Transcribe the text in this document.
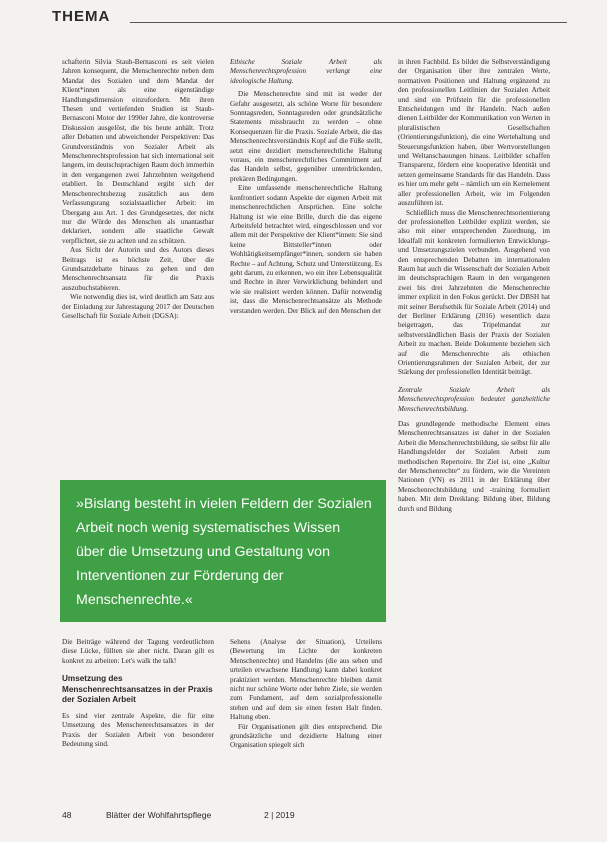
THEMA

schafterin Silvia Staub-Bernasconi es seit vielen Jahren konsequent, die Menschenrechte neben dem Mandat des Sozialen und dem Mandat der Klient*innen als eine eigenständige Handlungsdimension einzufordern. Mit ihren Thesen und vertiefenden Studien ist Staub-Bernasconi Motor der 1990er Jahre, die kontroverse Diskussion ausgelöst, die bis heute anhält. Trotz aller Debatten und abweichender Perspektiven: Das Grundverständnis von Sozialer Arbeit als Menschenrechtsprofession hat sich international seit langem, im deutschsprachigen Raum doch immerhin in den vergangenen zwei Jahrzehnten weitgehend etabliert. In Deutschland ergibt sich der Menschenrechtsbezug zusätzlich aus dem Verfassungsrang sozialstaatlicher Arbeit: im Übergang aus Art. 1 des Grundgesetzes, der nicht nur die Würde des Menschen als unantastbar deklariert, sondern alle staatliche Gewalt verpflichtet, sie zu achten und zu schützen.

Aus Sicht der Autorin und des Autors dieses Beitrags ist es höchste Zeit, über die Grundsatzdebatte hinaus zu gehen und den Menschenrechtsansatz für die Praxis auszubuchstabieren.

Wie notwendig dies ist, wird deutlich am Satz aus der Einladung zur Jahrestagung 2017 der Deutschen Gesellschaft für Soziale Arbeit (DGSA):

Ethische Soziale Arbeit als Menschenrechtsprofession verlangt eine ideologische Haltung.

Die Menschenrechte sind mit ist weder der Gefahr ausgesetzt, als schöne Worte für besondere Sonntagsreden, Sonntagsreden oder grundsätzliche Statements missbraucht zu werden – ohne Konsequenzen für die Praxis. Soziale Arbeit, die das Menschenrechtsverständnis Kopf auf die Füße stellt, setzt eine dezidiert menschenrechtliche Haltung voraus, ein menschenrechtliches Commitment auf das Handeln selbst, gegenüber unterdrückenden, prekären Bedingungen.

Eine umfassende menschenrechtliche Haltung konfrontiert sodann Aspekte der eigenen Arbeit mit menschenrechtlichen Ansprüchen. Eine solche Haltung ist wie eine Brille, durch die das eigene Arbeitsfeld betrachtet wird, eingeschlossen und vor allem mit der Perspektive der Klient*innen: Sie sind keine Bittsteller*innen oder Wohltätigkeitsempfänger*innen, sondern sie haben Rechte – auf Achtung, Schutz und Unterstützung. Es geht darum, zu erkennen, wo ein ihre Lebensqualität und Rechte in ihrer Verwirklichung behindert und wie sie realisiert werden können. Dafür notwendig ist, dass die Menschenrechtsansätze als Methode verstanden werden. Der Blick auf den Menschen der

in ihren Fachbild. Es bildet die Selbstverständigung der Organisation über ihre zentralen Werte, normativen Positionen und Haltung ergänzend zu den professionellen Leitlinien der Sozialen Arbeit und sind ein Prüfstein für die professionellen Entscheidungen und ihr Handeln. Nach außen dienen Leitbilder der Kommunikation von Werten in pluralistischen Gesellschaften (Orientierungsfunktion), die eine Wertehaltung und Steuerungsfunktion haben, über Wertvorstellungen und Weltanschauungen hinaus. Leitbilder schaffen Transparenz, fördern eine kooperative Identität und setzen gemeinsame Standards für das Handeln. Dass es hier um mehr geht – nämlich um ein Kernelement aller professionellen Arbeit, wie im Folgenden auszuführen ist.

Schließlich muss die Menschenrechtsorientierung der professionellen Leitbilder explizit werden, sie also mit einer entsprechenden Zuordnung, im Idealfall mit konkreten formulierten Entwicklungs- und Umsetzungszielen verbunden. Ausgehend von den entsprechenden Debatten im internationalen Raum hat auch die Wissenschaft der Sozialen Arbeit im deutschsprachigen Raum in den vergangenen zwei bis drei Jahrzehnten die Menschenrechte immer explizit in den Fokus gerückt. Der DBSH hat mit seiner Berufsethik für Soziale Arbeit (2014) und der Berliner Erklärung (2016) wesentlich dazu beigetragen, das Tripelmandat zur selbstverständlichen Basis der Praxis der Sozialen Arbeit zu machen. Beide Dokumente beziehen sich auf die Menschenrechte als ethischen Orientierungsrahmen der Sozialen Arbeit, der zur Stärkung der professionellen Identität beiträgt.

Zentrale Soziale Arbeit als Menschenrechtsprofession bedeutet ganzheitliche Menschenrechtsbildung.

Das grundlegende methodische Element eines Menschenrechtsansatzes ist daher in der Sozialen Arbeit die Menschenrechtsbildung, sie selbst für alle Handlungsfelder der Sozialen Arbeit zum methodischen Repertoire. Ihr Ziel ist, eine „Kultur der Menschenrechte“ zu fördern, wie die Vereinten Nationen (VN) es 2011 in der Erklärung über Menschenrechtsbildung und -training formuliert haben. Mit dem Dreiklang: Bildung über, Bildung durch und Bildung

»Bislang besteht in vielen Feldern der Sozialen Arbeit noch wenig systematisches Wissen über die Umsetzung und Gestaltung von Interventionen zur Förderung der Menschenrechte.«

Die Beiträge während der Tagung verdeutlichten diese Lücke, füllten sie aber nicht. Daran gilt es konkret zu arbeiten: Let's walk the talk!

Umsetzung des Menschenrechtsansatzes in der Praxis der Sozialen Arbeit

Es sind vier zentrale Aspekte, die für eine Umsetzung des Menschenrechtsansatzes in der Praxis der Sozialen Arbeit von besonderer Bedeutung sind.

Sehens (Analyse der Situation), Urteilens (Bewertung im Lichte der konkreten Menschenrechte) und Handelns (die aus sehen und urteilen erwachsene Handlung) kann dabei konkret praktiziert werden. Menschenrechte bleiben damit nicht nur schöne Worte oder hehre Ziele, sie werden zum Fundament, auf dem sozialprofessionelle stehen und auf dem sie einen festen Halt finden. Haltung eben.

Für Organisationen gilt dies entsprechend. Die grundsätzliche und dezidierte Haltung einer Organisation spiegelt sich

48	Blätter der Wohlfahrtspflege	2 | 2019
